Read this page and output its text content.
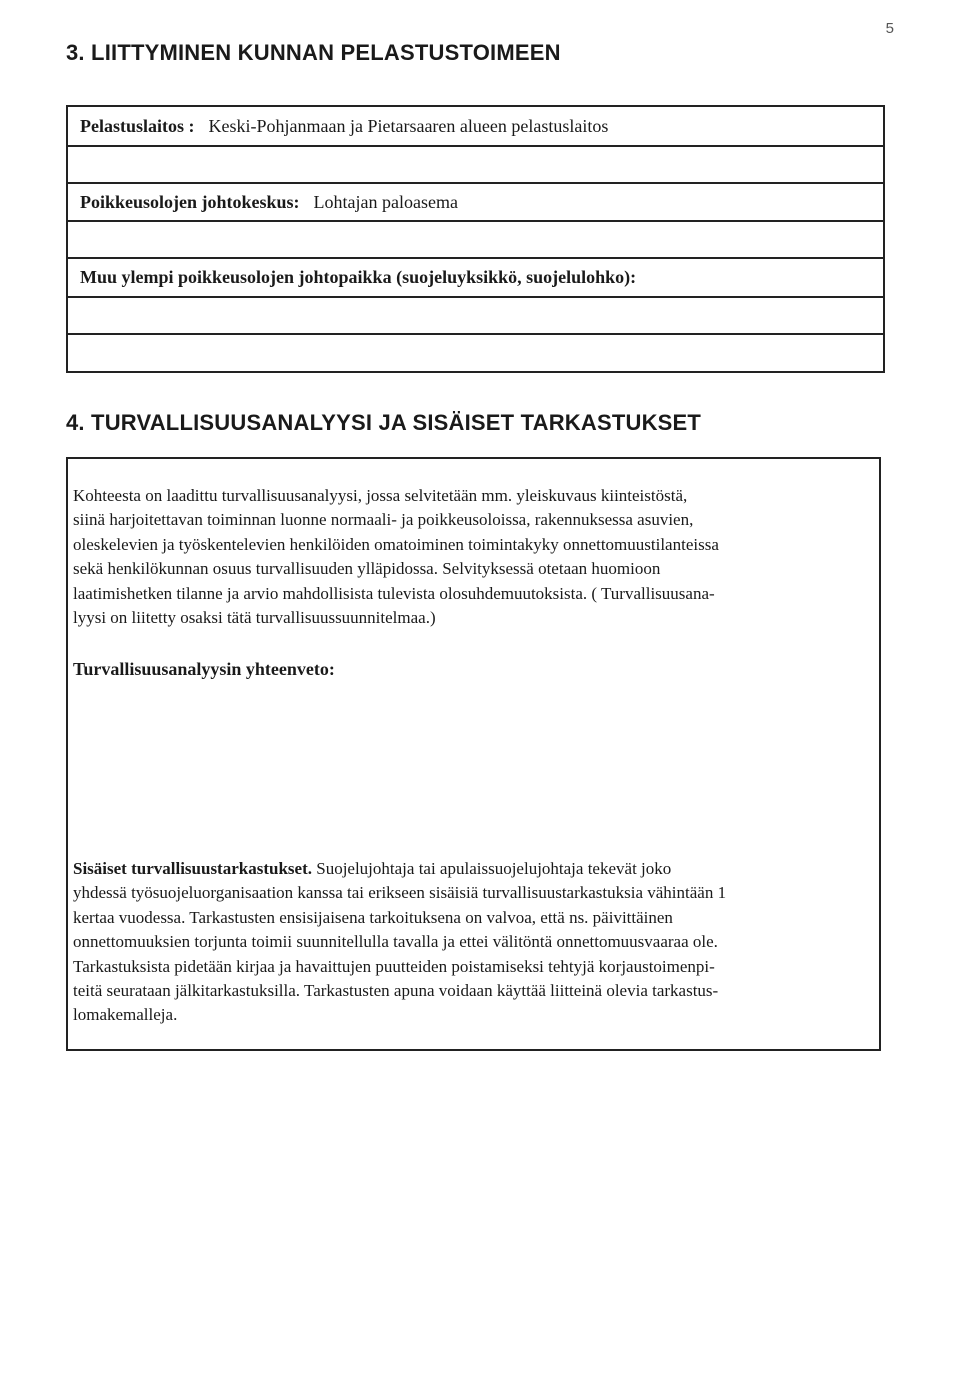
5
3. LIITTYMINEN KUNNAN PELASTUSTOIMEEN
Pelastuslaitos : Keski-Pohjanmaan ja Pietarsaaren alueen pelastuslaitos
Poikkeusolojen johtokeskus: Lohtajan paloasema
Muu ylempi poikkeusolojen johtopaikka (suojeluyksikkö, suojelulohko):
4. TURVALLISUUSANALYYSI JA SISÄISET TARKASTUKSET
Kohteesta on laadittu turvallisuusanalyysi, jossa selvitetään mm. yleiskuvaus kiinteistöstä,
siinä harjoitettavan toiminnan luonne normaali- ja poikkeusoloissa, rakennuksessa asuvien,
oleskelevien ja työskentelevien henkilöiden omatoiminen toimintakyky onnettomuustilanteissa
sekä henkilökunnan osuus turvallisuuden ylläpidossa. Selvityksessä otetaan huomioon
laatimishetken tilanne ja arvio mahdollisista tulevista olosuhdemuutoksista. ( Turvallisuusana-
lyysi on liitetty osaksi tätä turvallisuussuunnitelmaa.)
Turvallisuusanalyysin yhteenveto:
Sisäiset turvallisuustarkastukset. Suojelujohtaja tai apulaissuojelujohtaja tekevät joko
yhdessä työsuojeluorganisaation kanssa tai erikseen sisäisiä turvallisuustarkastuksia vähintään 1
kertaa vuodessa. Tarkastusten ensisijaisena tarkoituksena on valvoa, että ns. päivittäinen
onnettomuuksien torjunta toimii suunnitellulla tavalla ja ettei välitöntä onnettomuusvaaraa ole.
Tarkastuksista pidetään kirjaa ja havaittujen puutteiden poistamiseksi tehtyjä korjaustoimenpi-
teitä seurataan jälkitarkastuksilla. Tarkastusten apuna voidaan käyttää liitteinä olevia tarkastus-
lomakemalleja.
